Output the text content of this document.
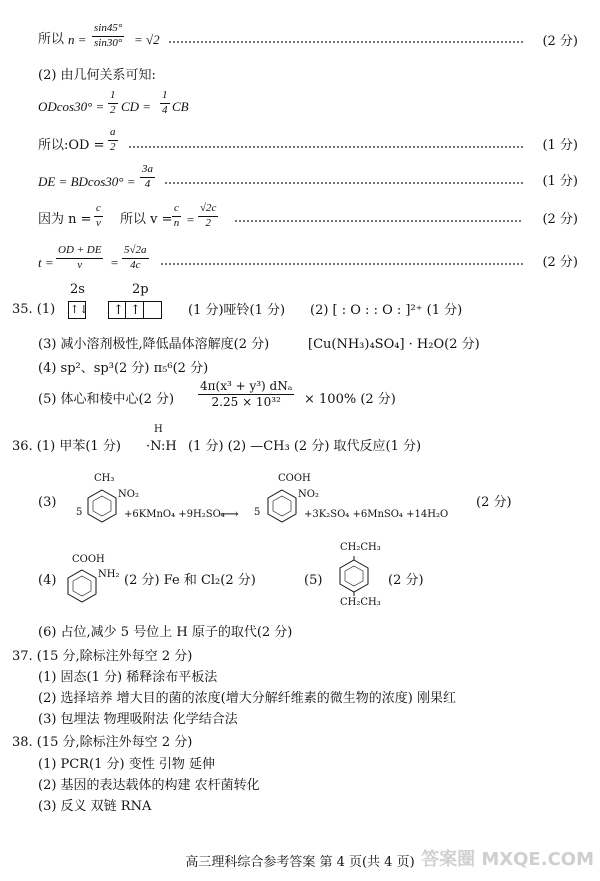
所以 $n = \frac{\sin 45^\circ}{\sin 30^\circ} = √2$	(2 分)
(2) 由几何关系可知:
$ODcos30^\circ = \frac{1}{2}$ CD = $\frac{1}{4}$ CB
所以:OD = $\frac{a}{2}$	(1 分)
DE = $BDcos30^\circ = \frac{3a}{4}$	(1 分)
因为 $n = \frac{c}{v}$ 所以 $v = \frac{c}{n} = \frac{√2c}{2}$	(2 分)
$t = \frac{OD + DE}{v} = \frac{5√2a}{4c}$	(2 分)
35. (1)
2s	2p
↑↓ ↑ ↑	(1 分)哑铃(1 分) (2) [ : O : : O : ]²⁺ (1 分)
(3) 减小溶剂极性,降低晶体溶解度(2 分)	[Cu(NH₃)₄SO₄] · H₂O(2 分)
(4) sp²、sp³(2 分) π₅⁶(2 分)
(5) 体心和棱中心(2 分)
4π(x³ + y³) dNₐ
2.25 × 10³² × 100% (2 分)
36. (1) 甲苯(1 分)
H
·N:H (1 分) (2) —CH₃ (2 分) 取代反应(1 分)
(3)
CH₃
NO₂
5	+6KMnO₄ +9H₂SO₄
⟶ 5
COOH
NO₂
+3K₂SO₄ +6MnSO₄ +14H₂O
(2 分)
(4)
COOH
NH₂ (2 分) Fe 和 Cl₂(2 分)	(5)
CH₂CH₃
CH₂CH₃
(2 分)
(6) 占位,减少 5 号位上 H 原子的取代(2 分)
37. (15 分,除标注外每空 2 分)
(1) 固态(1 分) 稀释涂布平板法
(2) 选择培养 增大目的菌的浓度(增大分解纤维素的微生物的浓度) 刚果红
(3) 包埋法 物理吸附法 化学结合法
38. (15 分,除标注外每空 2 分)
(1) PCR(1 分) 变性 引物 延伸
(2) 基因的表达载体的构建 农杆菌转化
(3) 反义 双链 RNA
高三理科综合参考答案 第 4 页(共 4 页) 答案圈 MXQE.COM
